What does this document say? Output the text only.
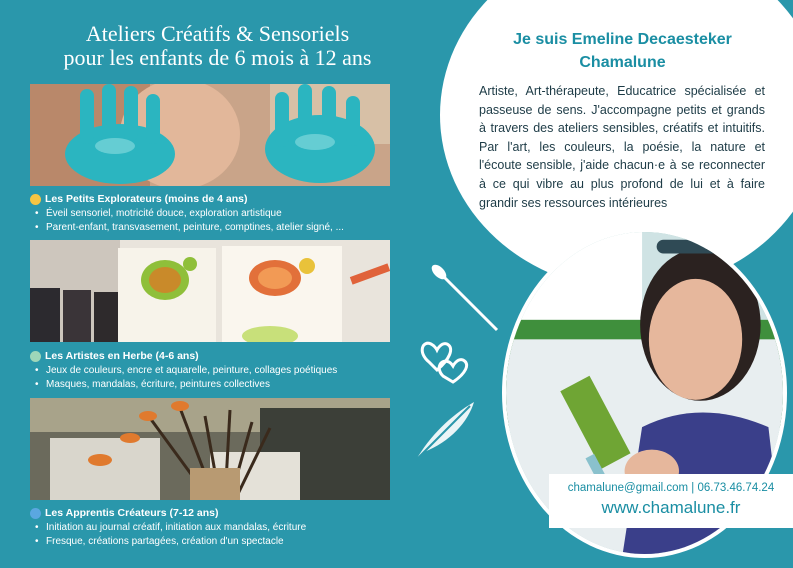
Ateliers Créatifs & Sensoriels
pour les enfants de 6 mois à 12 ans
Les Petits Explorateurs (moins de 4 ans)
• Éveil sensoriel, motricité douce, exploration artistique
• Parent-enfant, transvasement, peinture, comptines, atelier signé, ...
Les Artistes en Herbe (4-6 ans)
• Jeux de couleurs, encre et aquarelle, peinture, collages poétiques
• Masques, mandalas, écriture, peintures collectives
Les Apprentis Créateurs (7-12 ans)
• Initiation au journal créatif, initiation aux mandalas, écriture
• Fresque, créations partagées, création d'un spectacle
Je suis Emeline Decaesteker
Chamalune

Artiste, Art-thérapeute, Educatrice spécialisée et passeuse de sens. J'accompagne petits et grands à travers des ateliers sensibles, créatifs et intuitifs. Par l'art, les couleurs, la poésie, la nature et l'écoute sensible, j'aide chacun·e à se reconnecter à ce qui vibre au plus profond de lui et à faire grandir ses ressources intérieures

chamalune@gmail.com | 06.73.46.74.24
www.chamalune.fr
